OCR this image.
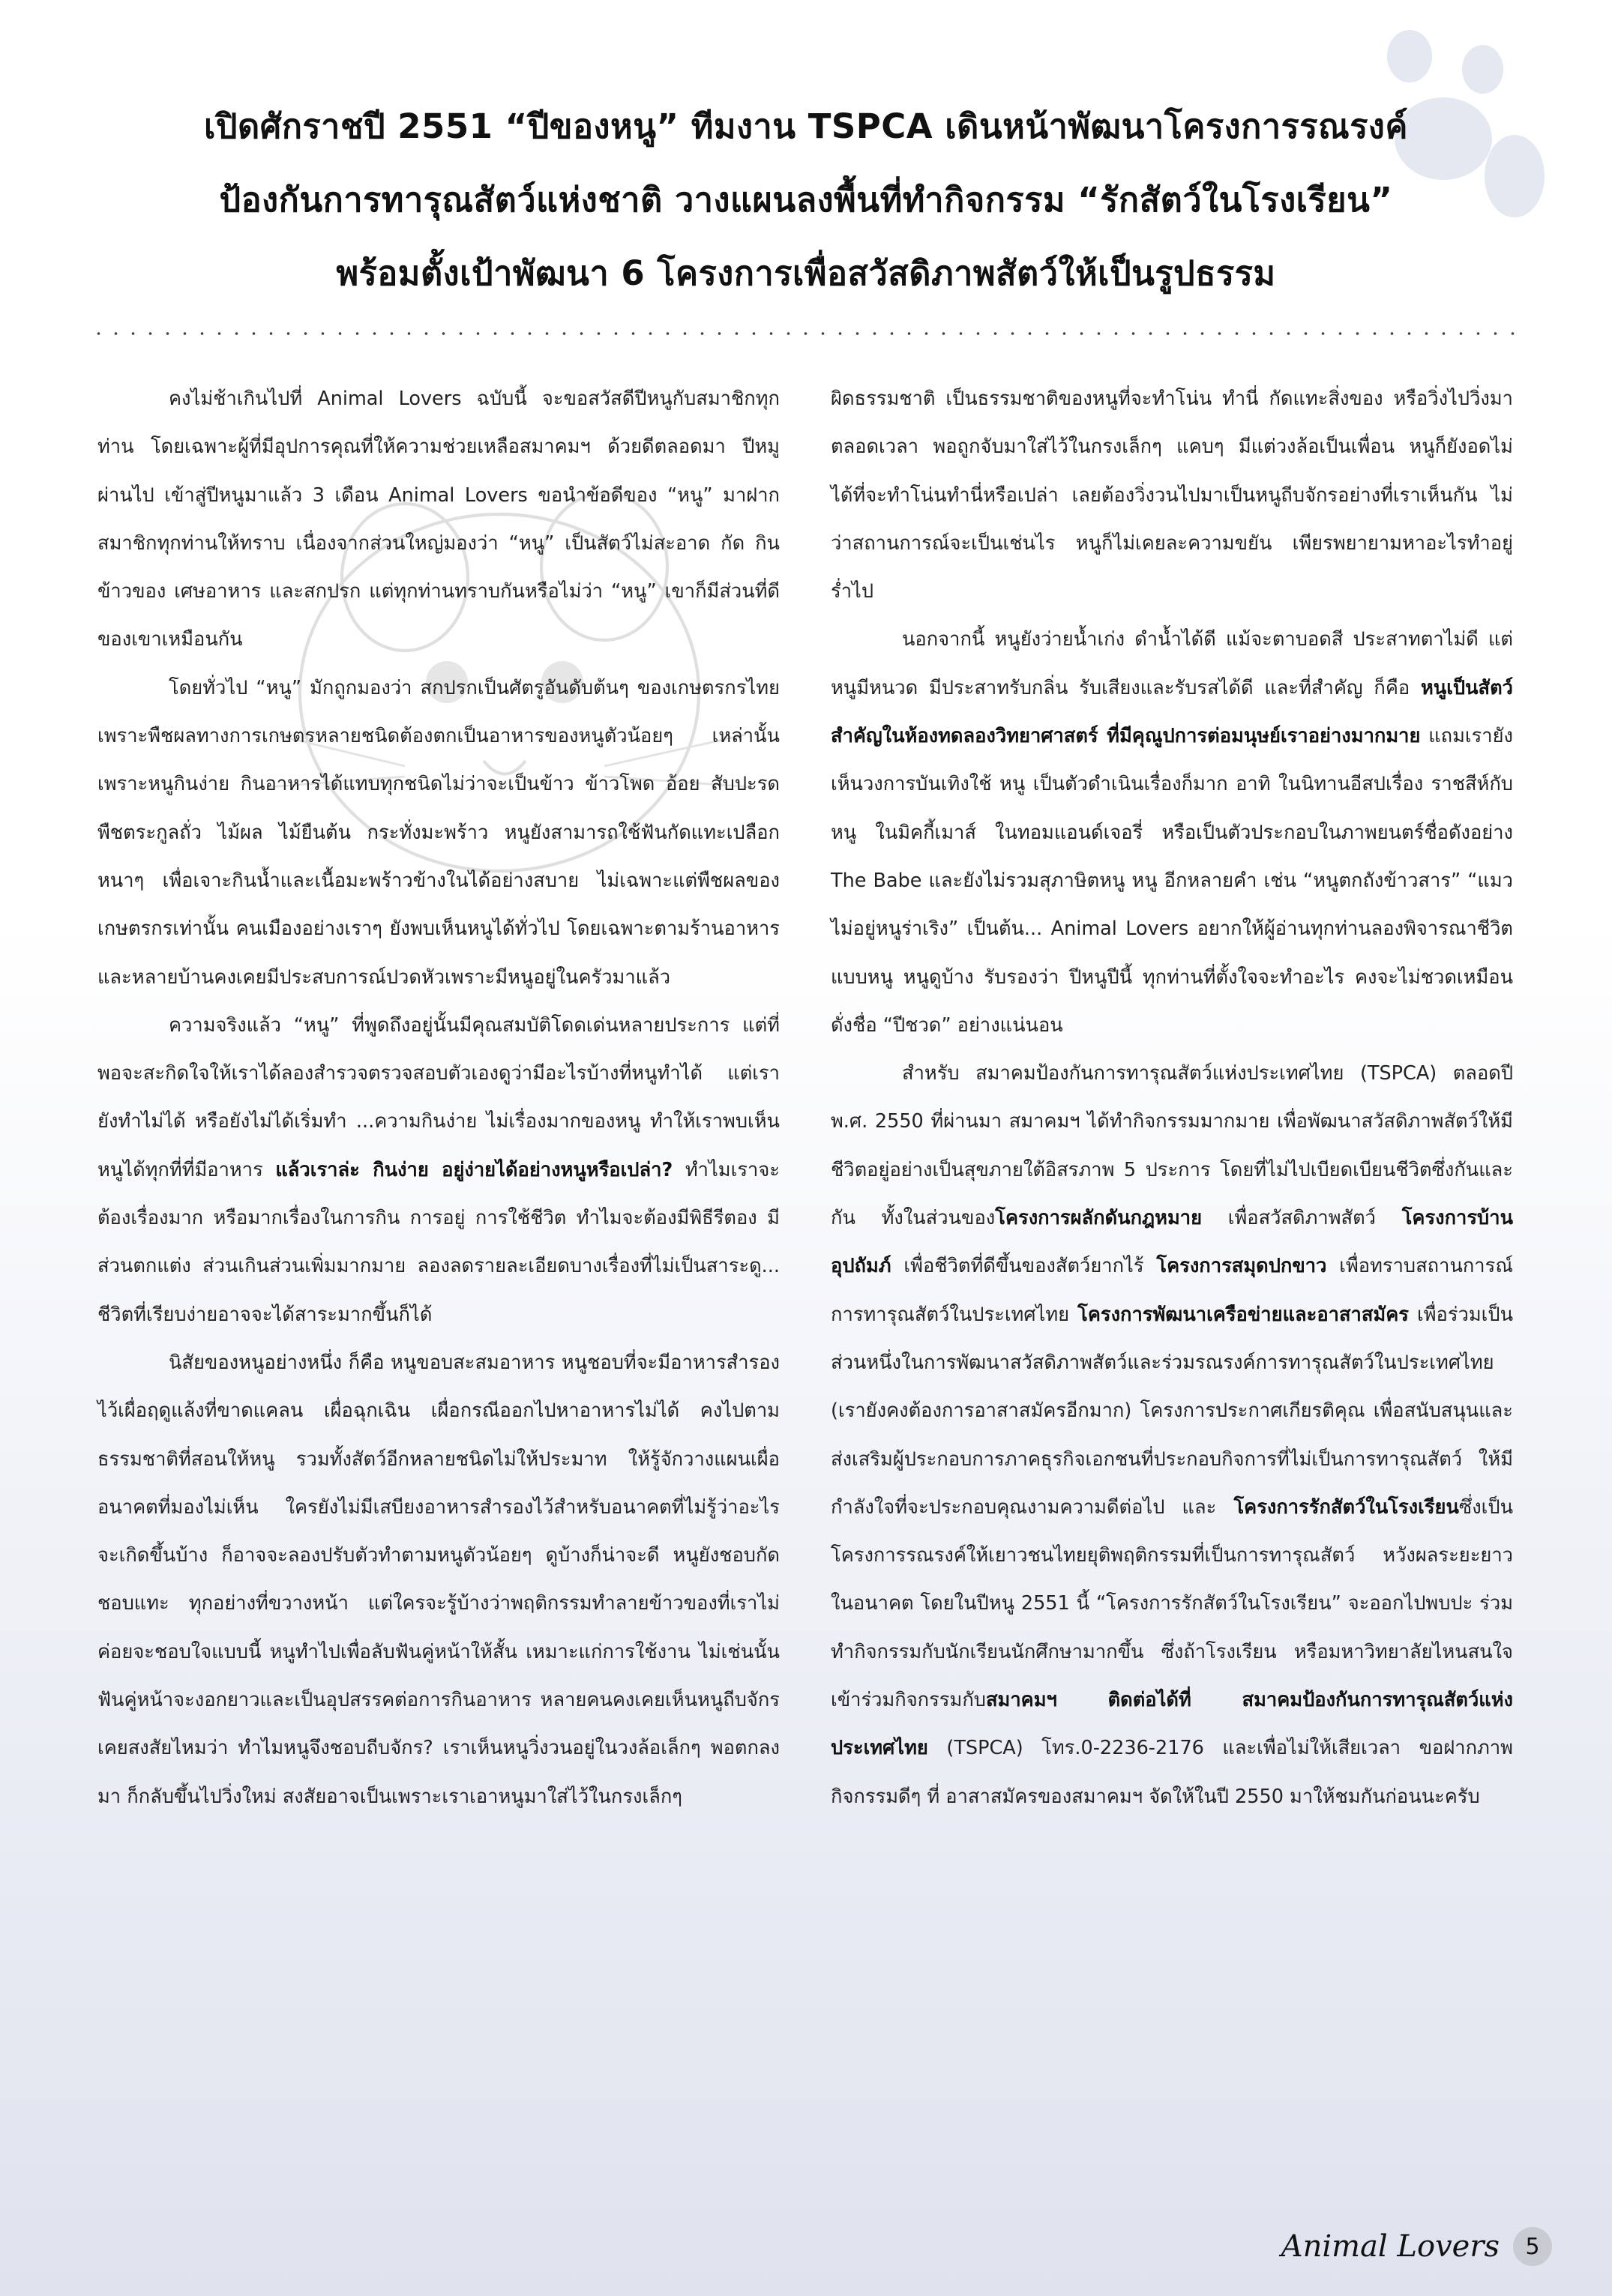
เปิดศักราชปี 2551 “ปีของหนู” ทีมงาน TSPCA เดินหน้าพัฒนาโครงการรณรงค์
ป้องกันการทารุณสัตว์แห่งชาติ วางแผนลงพื้นที่ทำกิจกรรม “รักสัตว์ในโรงเรียน”
พร้อมตั้งเป้าพัฒนา 6 โครงการเพื่อสวัสดิภาพสัตว์ให้เป็นรูปธรรม

คงไม่ช้าเกินไปที่ Animal Lovers ฉบับนี้ จะขอสวัสดีปีหนูกับสมาชิกทุกท่าน โดยเฉพาะผู้ที่มีอุปการคุณที่ให้ความช่วยเหลือสมาคมฯ ด้วยดีตลอดมา ปีหมูผ่านไป เข้าสู่ปีหนูมาแล้ว 3 เดือน Animal Lovers ขอนำข้อดีของ “หนู” มาฝากสมาชิกทุกท่านให้ทราบ เนื่องจากส่วนใหญ่มองว่า “หนู” เป็นสัตว์ไม่สะอาด กัด กินข้าวของ เศษอาหาร และสกปรก แต่ทุกท่านทราบกันหรือไม่ว่า “หนู” เขาก็มีส่วนที่ดีของเขาเหมือนกัน

โดยทั่วไป “หนู” มักถูกมองว่า สกปรกเป็นศัตรูอันดับต้นๆ ของเกษตรกรไทย เพราะพืชผลทางการเกษตรหลายชนิดต้องตกเป็นอาหารของหนูตัวน้อยๆ เหล่านั้น เพราะหนูกินง่าย กินอาหารได้แทบทุกชนิดไม่ว่าจะเป็นข้าว ข้าวโพด อ้อย สับปะรด พืชตระกูลถั่ว ไม้ผล ไม้ยืนต้น กระทั่งมะพร้าว หนูยังสามารถใช้ฟันกัดแทะเปลือกหนาๆ เพื่อเจาะกินน้ำและเนื้อมะพร้าวข้างในได้อย่างสบาย ไม่เฉพาะแต่พืชผลของเกษตรกรเท่านั้น คนเมืองอย่างเราๆ ยังพบเห็นหนูได้ทั่วไป โดยเฉพาะตามร้านอาหาร และหลายบ้านคงเคยมีประสบการณ์ปวดหัวเพราะมีหนูอยู่ในครัวมาแล้ว

ความจริงแล้ว “หนู” ที่พูดถึงอยู่นั้นมีคุณสมบัติโดดเด่นหลายประการ แต่ที่พอจะสะกิดใจให้เราได้ลองสำรวจตรวจสอบตัวเองดูว่ามีอะไรบ้างที่หนูทำได้ แต่เรายังทำไม่ได้ หรือยังไม่ได้เริ่มทำ ...ความกินง่าย ไม่เรื่องมากของหนู ทำให้เราพบเห็นหนูได้ทุกที่ที่มีอาหาร แล้วเราล่ะ กินง่าย อยู่ง่ายได้อย่างหนูหรือเปล่า? ทำไมเราจะต้องเรื่องมาก หรือมากเรื่องในการกิน การอยู่ การใช้ชีวิต ทำไมจะต้องมีพิธีรีตอง มีส่วนตกแต่ง ส่วนเกินส่วนเพิ่มมากมาย ลองลดรายละเอียดบางเรื่องที่ไม่เป็นสาระดู... ชีวิตที่เรียบง่ายอาจจะได้สาระมากขึ้นก็ได้

นิสัยของหนูอย่างหนึ่ง ก็คือ หนูขอบสะสมอาหาร หนูชอบที่จะมีอาหารสำรองไว้เผื่อฤดูแล้งที่ขาดแคลน เผื่อฉุกเฉิน เผื่อกรณีออกไปหาอาหารไม่ได้ คงไปตามธรรมชาติที่สอนให้หนู รวมทั้งสัตว์อีกหลายชนิดไม่ให้ประมาท ให้รู้จักวางแผนเผื่ออนาคตที่มองไม่เห็น ใครยังไม่มีเสบียงอาหารสำรองไว้สำหรับอนาคตที่ไม่รู้ว่าอะไรจะเกิดขึ้นบ้าง ก็อาจจะลองปรับตัวทำตามหนูตัวน้อยๆ ดูบ้างก็น่าจะดี หนูยังชอบกัด ชอบแทะ ทุกอย่างที่ขวางหน้า แต่ใครจะรู้บ้างว่าพฤติกรรมทำลายข้าวของที่เราไม่ค่อยจะชอบใจแบบนี้ หนูทำไปเพื่อลับฟันคู่หน้าให้สั้น เหมาะแก่การใช้งาน ไม่เช่นนั้นฟันคู่หน้าจะงอกยาวและเป็นอุปสรรคต่อการกินอาหาร หลายคนคงเคยเห็นหนูถีบจักร เคยสงสัยไหมว่า ทำไมหนูจึงชอบถีบจักร? เราเห็นหนูวิ่งวนอยู่ในวงล้อเล็กๆ พอตกลงมา ก็กลับขึ้นไปวิ่งใหม่ สงสัยอาจเป็นเพราะเราเอาหนูมาใส่ไว้ในกรงเล็กๆ

ผิดธรรมชาติ เป็นธรรมชาติของหนูที่จะทำโน่น ทำนี่ กัดแทะสิ่งของ หรือวิ่งไปวิ่งมาตลอดเวลา พอถูกจับมาใส่ไว้ในกรงเล็กๆ แคบๆ มีแต่วงล้อเป็นเพื่อน หนูก็ยังอดไม่ได้ที่จะทำโน่นทำนี่หรือเปล่า เลยต้องวิ่งวนไปมาเป็นหนูถีบจักรอย่างที่เราเห็นกัน ไม่ว่าสถานการณ์จะเป็นเช่นไร หนูก็ไม่เคยละความขยัน เพียรพยายามหาอะไรทำอยู่ร่ำไป

นอกจากนี้ หนูยังว่ายน้ำเก่ง ดำน้ำได้ดี แม้จะตาบอดสี ประสาทตาไม่ดี แต่หนูมีหนวด มีประสาทรับกลิ่น รับเสียงและรับรสได้ดี และที่สำคัญ ก็คือ หนูเป็นสัตว์สำคัญในห้องทดลองวิทยาศาสตร์ ที่มีคุณูปการต่อมนุษย์เราอย่างมากมาย แถมเรายังเห็นวงการบันเทิงใช้ หนู เป็นตัวดำเนินเรื่องก็มาก อาทิ ในนิทานอีสปเรื่อง ราชสีห์กับหนู ในมิคกี้เมาส์ ในทอมแอนด์เจอรี่ หรือเป็นตัวประกอบในภาพยนตร์ชื่อดังอย่าง The Babe และยังไม่รวมสุภาษิตหนู หนู อีกหลายคำ เช่น “หนูตกถังข้าวสาร” “แมวไม่อยู่หนูร่าเริง” เป็นต้น... Animal Lovers อยากให้ผู้อ่านทุกท่านลองพิจารณาชีวิตแบบหนู หนูดูบ้าง รับรองว่า ปีหนูปีนี้ ทุกท่านที่ตั้งใจจะทำอะไร คงจะไม่ชวดเหมือนดั่งชื่อ “ปีชวด” อย่างแน่นอน

สำหรับ สมาคมป้องกันการทารุณสัตว์แห่งประเทศไทย (TSPCA) ตลอดปี พ.ศ. 2550 ที่ผ่านมา สมาคมฯ ได้ทำกิจกรรมมากมาย เพื่อพัฒนาสวัสดิภาพสัตว์ให้มีชีวิตอยู่อย่างเป็นสุขภายใต้อิสรภาพ 5 ประการ โดยที่ไม่ไปเบียดเบียนชีวิตซึ่งกันและกัน ทั้งในส่วนของโครงการผลักดันกฎหมาย เพื่อสวัสดิภาพสัตว์ โครงการบ้านอุปถัมภ์ เพื่อชีวิตที่ดีขึ้นของสัตว์ยากไร้ โครงการสมุดปกขาว เพื่อทราบสถานการณ์การทารุณสัตว์ในประเทศไทย โครงการพัฒนาเครือข่ายและอาสาสมัคร เพื่อร่วมเป็นส่วนหนึ่งในการพัฒนาสวัสดิภาพสัตว์และร่วมรณรงค์การทารุณสัตว์ในประเทศไทย (เรายังคงต้องการอาสาสมัครอีกมาก) โครงการประกาศเกียรติคุณ เพื่อสนับสนุนและส่งเสริมผู้ประกอบการภาคธุรกิจเอกชนที่ประกอบกิจการที่ไม่เป็นการทารุณสัตว์ ให้มีกำลังใจที่จะประกอบคุณงามความดีต่อไป และ โครงการรักสัตว์ในโรงเรียนซึ่งเป็นโครงการรณรงค์ให้เยาวชนไทยยุติพฤติกรรมที่เป็นการทารุณสัตว์ หวังผลระยะยาวในอนาคต โดยในปีหนู 2551 นี้ “โครงการรักสัตว์ในโรงเรียน” จะออกไปพบปะ ร่วมทำกิจกรรมกับนักเรียนนักศึกษามากขึ้น ซึ่งถ้าโรงเรียน หรือมหาวิทยาลัยไหนสนใจเข้าร่วมกิจกรรมกับสมาคมฯ ติดต่อได้ที่ สมาคมป้องกันการทารุณสัตว์แห่งประเทศไทย (TSPCA) โทร.0-2236-2176 และเพื่อไม่ให้เสียเวลา ขอฝากภาพกิจกรรมดีๆ ที่ อาสาสมัครของสมาคมฯ จัดให้ในปี 2550 มาให้ชมกันก่อนนะครับ

Animal Lovers	5
